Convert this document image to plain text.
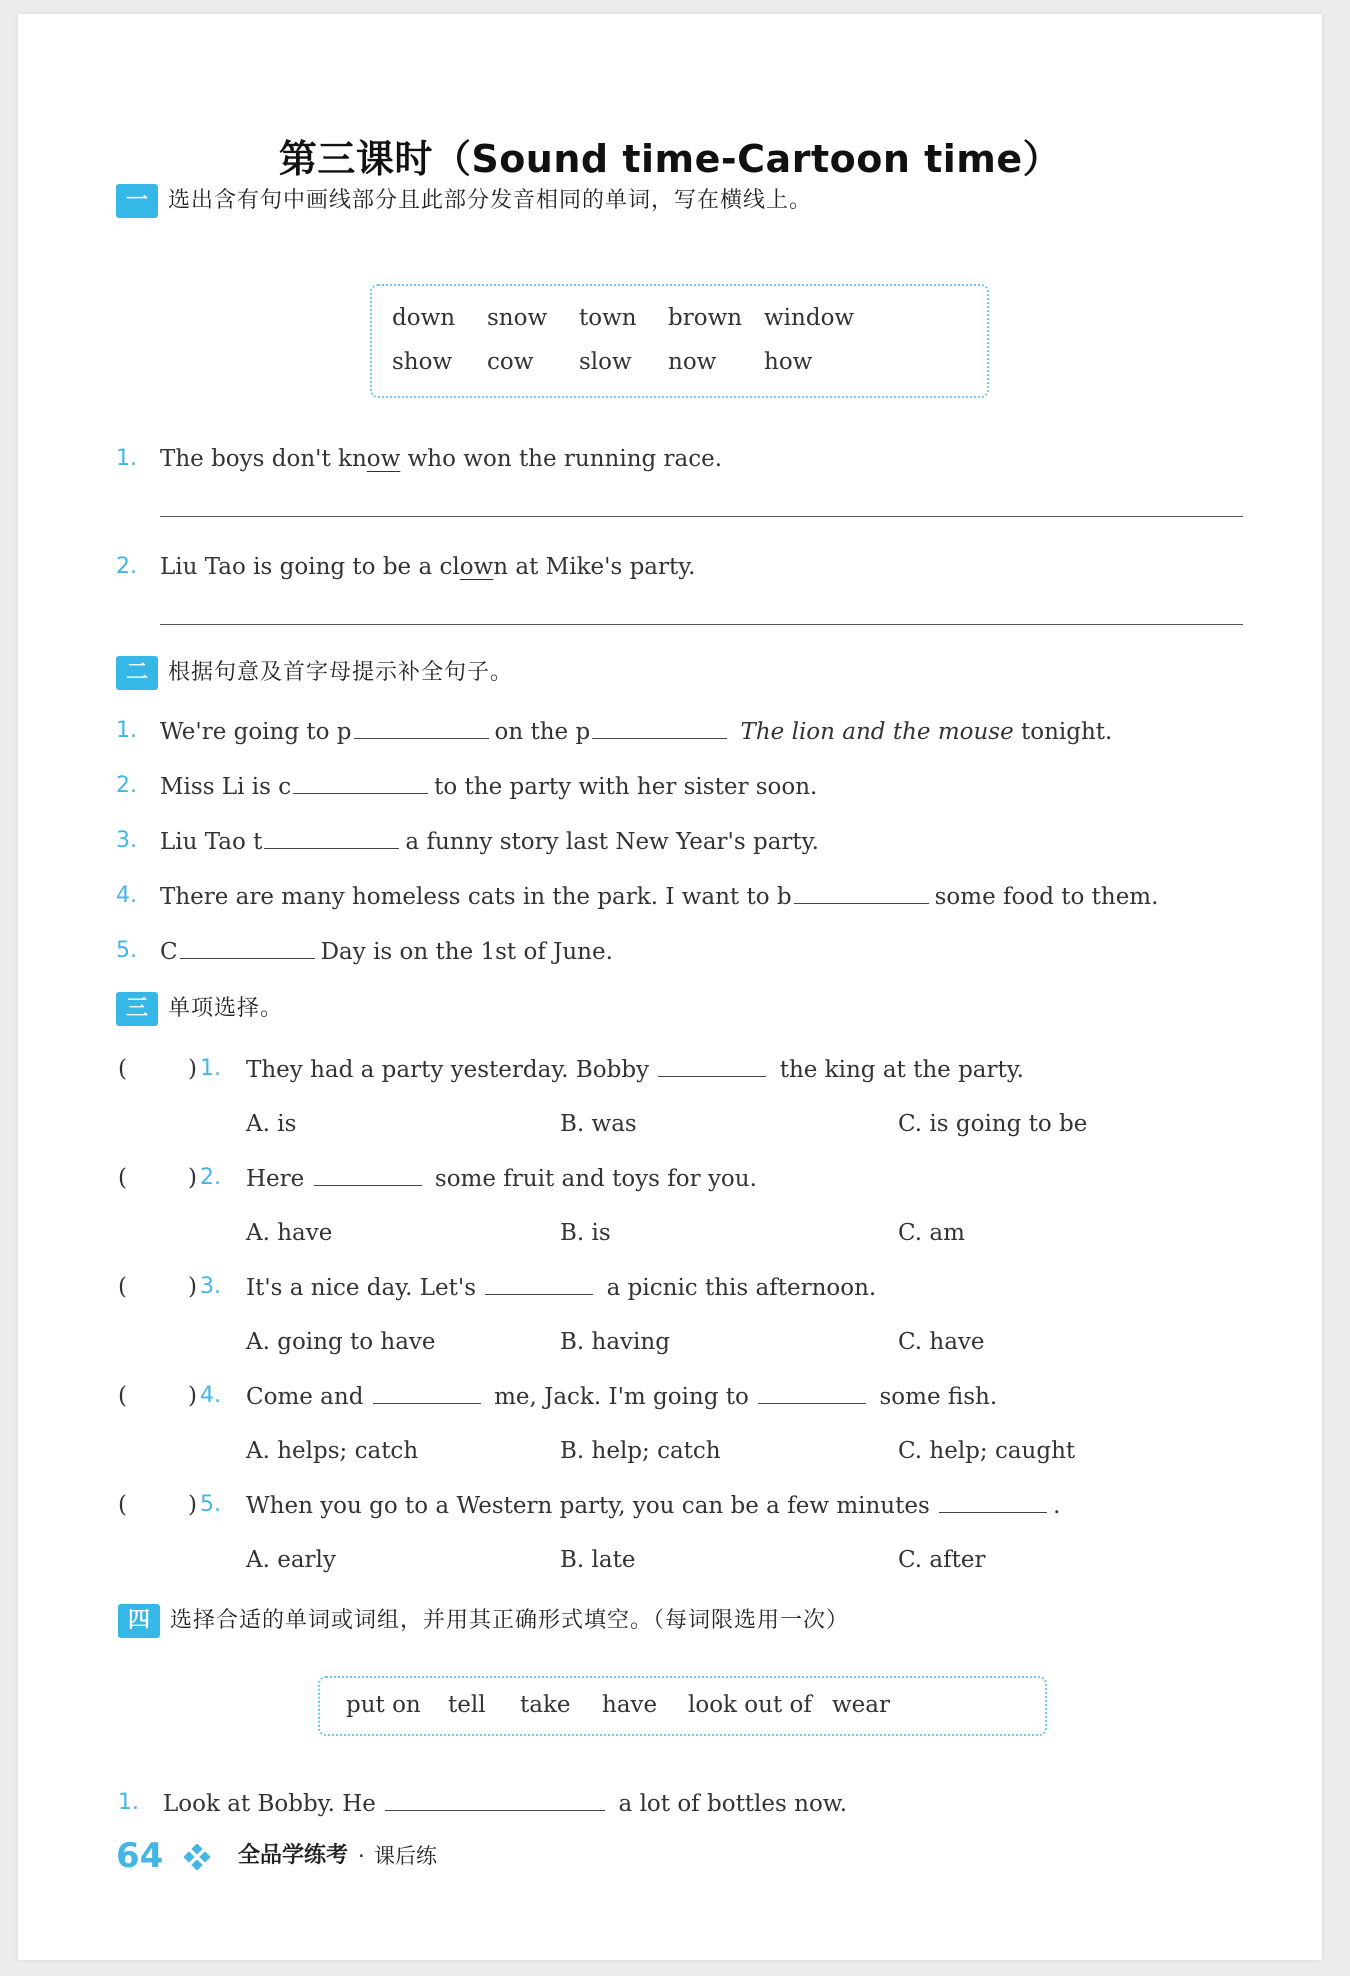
第三课时（Sound time-Cartoon time）
一 选出含有句中画线部分且此部分发音相同的单词，写在横线上。
down snow town brown window
show cow slow now how
1. The boys don't know who won the running race.
2. Liu Tao is going to be a clown at Mike's party.
二 根据句意及首字母提示补全句子。
1. We're going to p	on the p	The lion and the mouse tonight.
2. Miss Li is c	to the party with her sister soon.
3. Liu Tao t	a funny story last New Year's party.
4. There are many homeless cats in the park. I want to b	some food to them.
5. C	Day is on the 1st of June.
三 单项选择。
(	) 1. They had a party yesterday. Bobby	the king at the party.
A. is	B. was	C. is going to be
(	) 2. Here	some fruit and toys for you.
A. have	B. is	C. am
(	) 3. It's a nice day. Let's	a picnic this afternoon.
A. going to have	B. having	C. have
(	) 4. Come and	me, Jack. I'm going to	some fish.
A. helps; catch	B. help; catch	C. help; caught
(	) 5. When you go to a Western party, you can be a few minutes	.
A. early	B. late	C. after
四 选择合适的单词或词组，并用其正确形式填空。（每词限选用一次）
put on tell take have look out of wear
1. Look at Bobby. He	a lot of bottles now.
64	全品学练考 · 课后练
